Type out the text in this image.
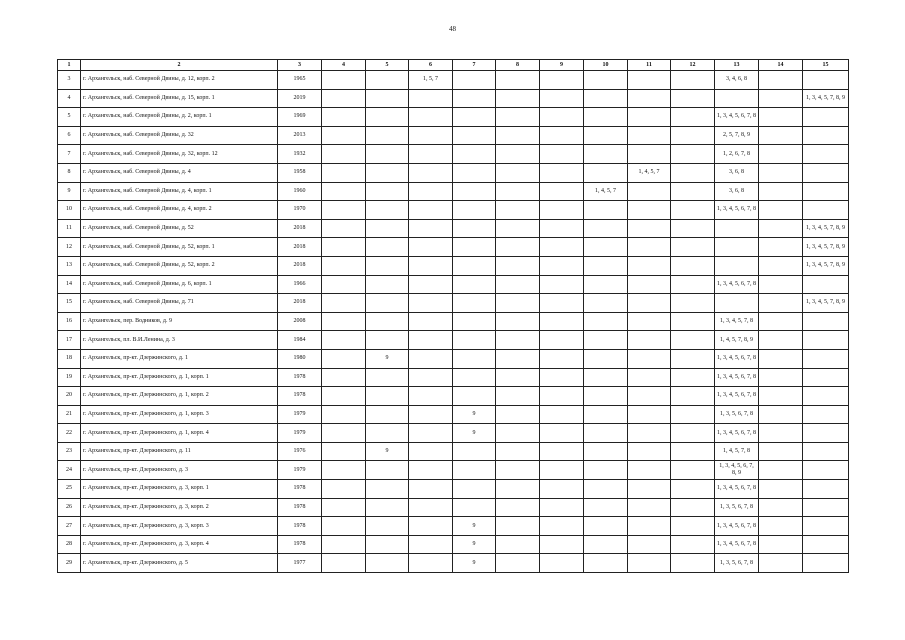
48
1	2	3	4	5	6	7	8	9	10	11	12	13	14	15
3	г. Архангельск, наб. Северной Двины, д. 12, корп. 2	1965			1, 5, 7							3, 4, 6, 8		
4	г. Архангельск, наб. Северной Двины, д. 15, корп. 1	2019												1, 3, 4, 5, 7, 8, 9
5	г. Архангельск, наб. Северной Двины, д. 2, корп. 1	1969										1, 3, 4, 5, 6, 7, 8		
6	г. Архангельск, наб. Северной Двины, д. 32	2013										2, 5, 7, 8, 9		
7	г. Архангельск, наб. Северной Двины, д. 32, корп. 12	1932										1, 2, 6, 7, 8		
8	г. Архангельск, наб. Северной Двины, д. 4	1958								1, 4, 5, 7		3, 6, 8		
9	г. Архангельск, наб. Северной Двины, д. 4, корп. 1	1960							1, 4, 5, 7			3, 6, 8		
10	г. Архангельск, наб. Северной Двины, д. 4, корп. 2	1970										1, 3, 4, 5, 6, 7, 8		
11	г. Архангельск, наб. Северной Двины, д. 52	2018												1, 3, 4, 5, 7, 8, 9
12	г. Архангельск, наб. Северной Двины, д. 52, корп. 1	2018												1, 3, 4, 5, 7, 8, 9
13	г. Архангельск, наб. Северной Двины, д. 52, корп. 2	2018												1, 3, 4, 5, 7, 8, 9
14	г. Архангельск, наб. Северной Двины, д. 6, корп. 1	1966										1, 3, 4, 5, 6, 7, 8		
15	г. Архангельск, наб. Северной Двины, д. 71	2018												1, 3, 4, 5, 7, 8, 9
16	г. Архангельск, пер. Водников, д. 9	2008										1, 3, 4, 5, 7, 8		
17	г. Архангельск, пл. В.И.Ленина, д. 3	1984										1, 4, 5, 7, 8, 9		
18	г. Архангельск, пр-кт. Дзержинского, д. 1	1980		9								1, 3, 4, 5, 6, 7, 8		
19	г. Архангельск, пр-кт. Дзержинского, д. 1, корп. 1	1978										1, 3, 4, 5, 6, 7, 8		
20	г. Архангельск, пр-кт. Дзержинского, д. 1, корп. 2	1978										1, 3, 4, 5, 6, 7, 8		
21	г. Архангельск, пр-кт. Дзержинского, д. 1, корп. 3	1979				9						1, 3, 5, 6, 7, 8		
22	г. Архангельск, пр-кт. Дзержинского, д. 1, корп. 4	1979				9						1, 3, 4, 5, 6, 7, 8		
23	г. Архангельск, пр-кт. Дзержинского, д. 11	1976		9								1, 4, 5, 7, 8		
24	г. Архангельск, пр-кт. Дзержинского, д. 3	1979										1, 3, 4, 5, 6, 7, 8, 9		
25	г. Архангельск, пр-кт. Дзержинского, д. 3, корп. 1	1978										1, 3, 4, 5, 6, 7, 8		
26	г. Архангельск, пр-кт. Дзержинского, д. 3, корп. 2	1978										1, 3, 5, 6, 7, 8		
27	г. Архангельск, пр-кт. Дзержинского, д. 3, корп. 3	1978				9						1, 3, 4, 5, 6, 7, 8		
28	г. Архангельск, пр-кт. Дзержинского, д. 3, корп. 4	1978				9						1, 3, 4, 5, 6, 7, 8		
29	г. Архангельск, пр-кт. Дзержинского, д. 5	1977				9						1, 3, 5, 6, 7, 8		
